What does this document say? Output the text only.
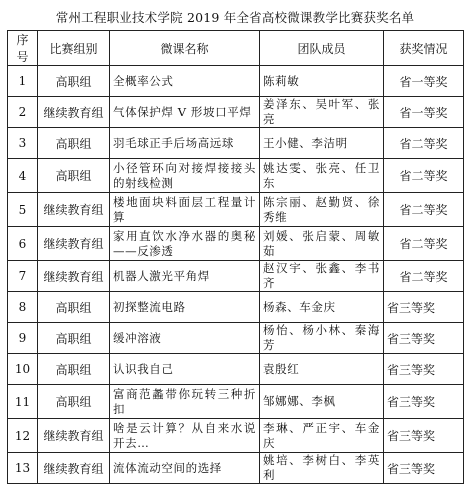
常州工程职业技术学院 2019 年全省高校微课教学比赛获奖名单
序号	比赛组别	微课名称	团队成员	获奖情况
1	高职组	全概率公式	陈莉敏	省一等奖
2	继续教育组	气体保护焊 V 形坡口平焊	姜泽东、吴叶军、张亮	省一等奖
3	高职组	羽毛球正手后场高远球	王小健、李洁明	省二等奖
4	高职组	小径管环向对接焊接接头的射线检测	姚达雯、张亮、任卫东	省二等奖
5	继续教育组	楼地面块料面层工程量计算	陈宗丽、赵勤贤、徐秀维	省二等奖
6	继续教育组	家用直饮水净水器的奥秘——反渗透	刘媛、张启蒙、周敏茹	省二等奖
7	继续教育组	机器人激光平角焊	赵汉宇、张鑫、李书齐	省二等奖
8	高职组	初探整流电路	杨森、车金庆	省三等奖
9	高职组	缓冲溶液	杨怡、杨小林、秦海芳	省三等奖
10	高职组	认识我自己	袁殷红	省三等奖
11	高职组	富商范蠡带你玩转三种折扣	邹娜娜、李枫	省三等奖
12	继续教育组	啥是云计算？从自来水说开去…	李琳、严正宇、车金庆	省三等奖
13	继续教育组	流体流动空间的选择	姚培、李树白、李英利	省三等奖
